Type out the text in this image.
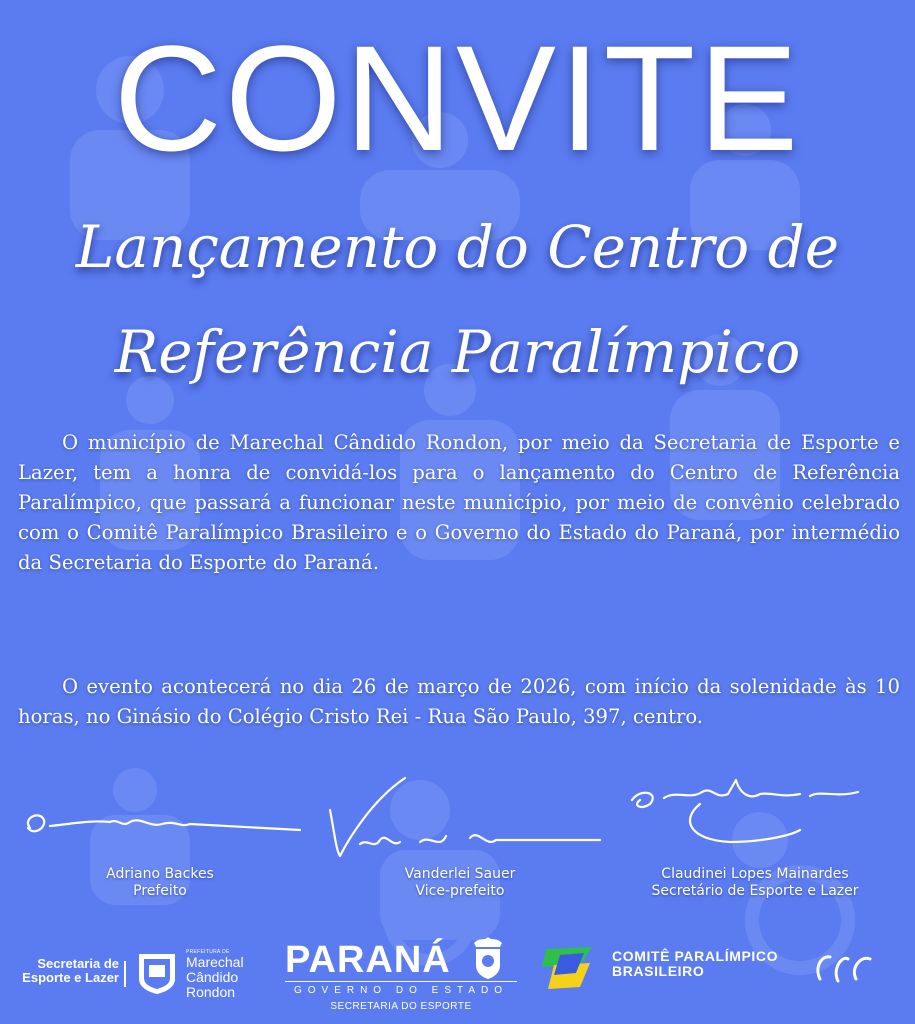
CONVITE
Lançamento do Centro de
Referência Paralímpico

O município de Marechal Cândido Rondon, por meio da Secretaria de Esporte e Lazer, tem a honra de convidá-los para o lançamento do Centro de Referência Paralímpico, que passará a funcionar neste município, por meio de convênio celebrado com o Comitê Paralímpico Brasileiro e o Governo do Estado do Paraná, por intermédio da Secretaria do Esporte do Paraná.

O evento acontecerá no dia 26 de março de 2026, com início da solenidade às 10 horas, no Ginásio do Colégio Cristo Rei - Rua São Paulo, 397, centro.

Adriano Backes
Prefeito
Vanderlei Sauer
Vice-prefeito
Claudinei Lopes Mainardes
Secretário de Esporte e Lazer
Secretaria de
Esporte e Lazer
PREFEITURA DE
Marechal
Cândido
Rondon
PARANÁ
GOVERNO DO ESTADO
SECRETARIA DO ESPORTE
COMITÊ PARALÍMPICO
BRASILEIRO
